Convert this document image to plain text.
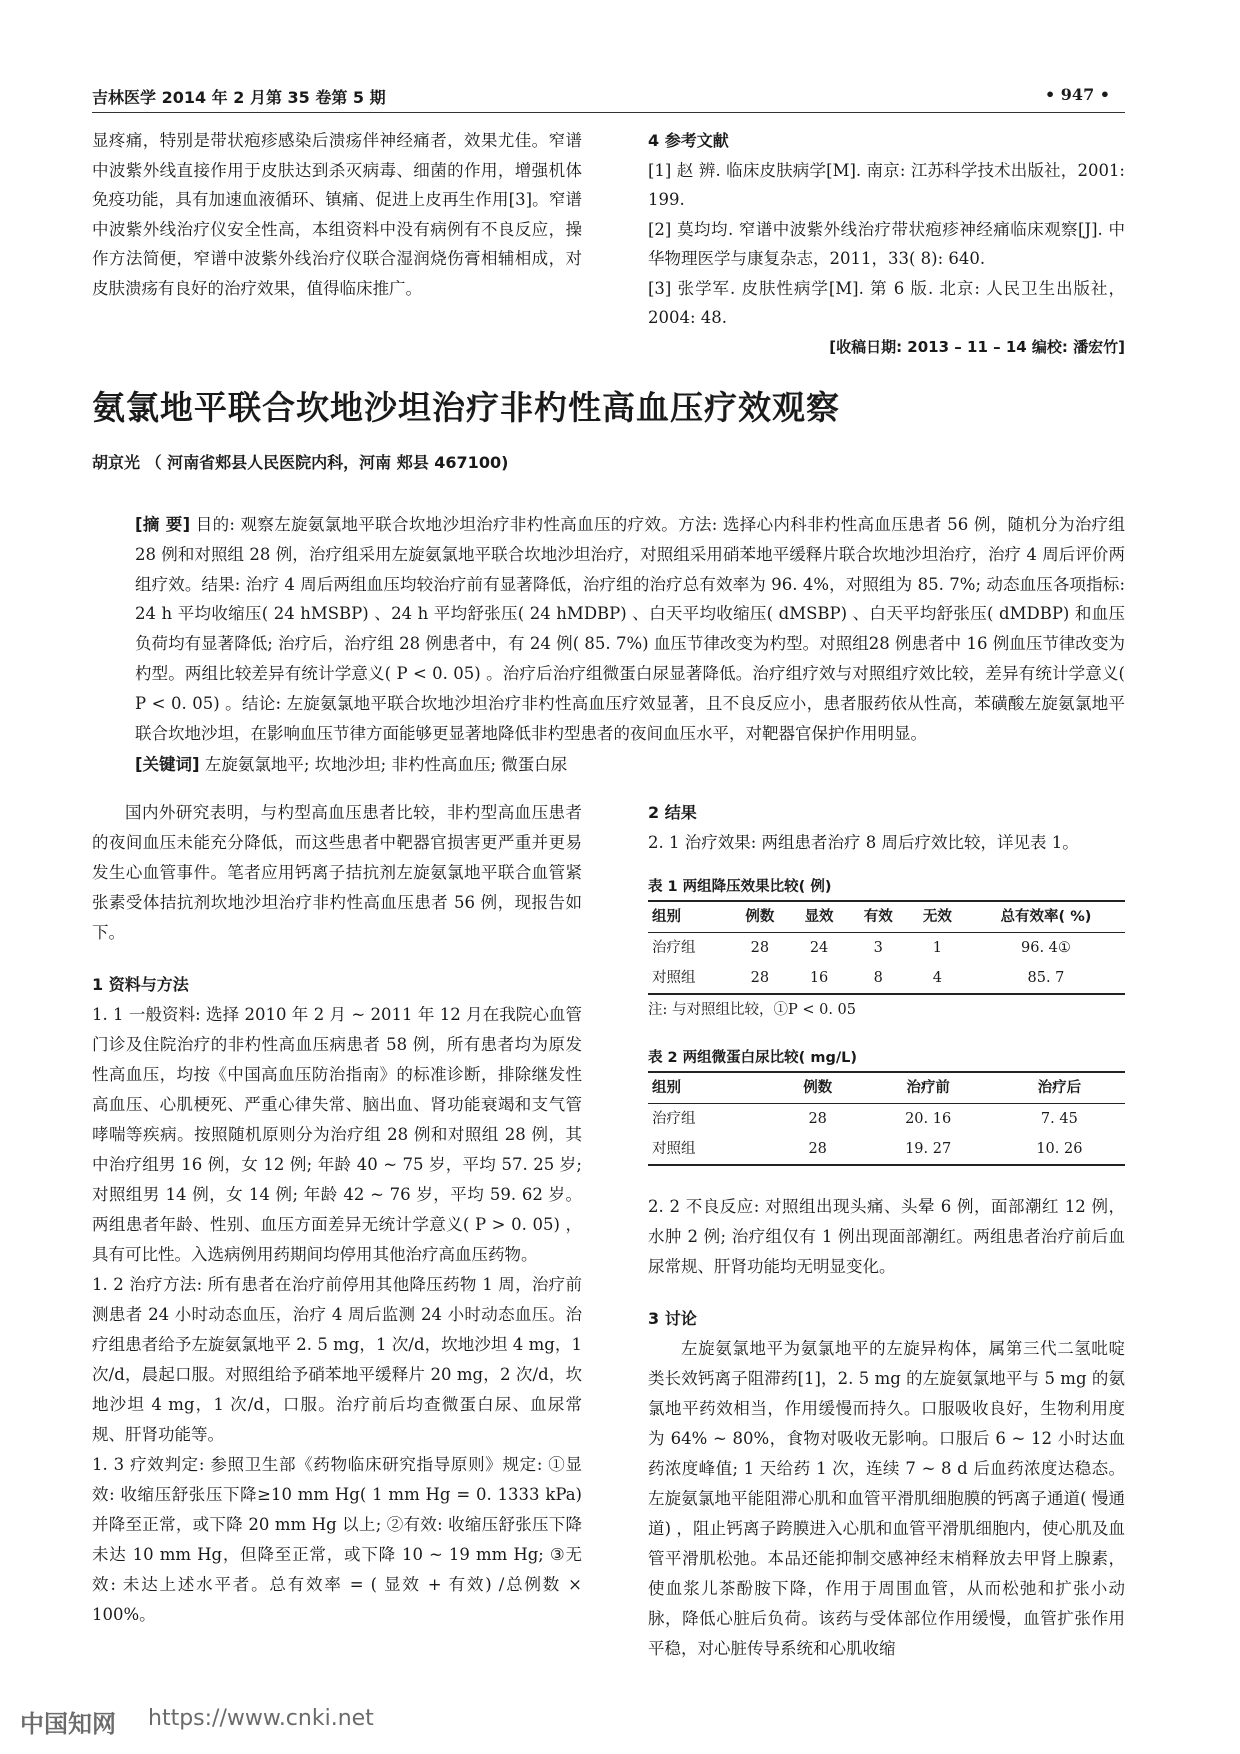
吉林医学 2014 年 2 月第 35 卷第 5 期	• 947 •

显疼痛，特别是带状疱疹感染后溃疡伴神经痛者，效果尤佳。窄谱中波紫外线直接作用于皮肤达到杀灭病毒、细菌的作用，增强机体免疫功能，具有加速血液循环、镇痛、促进上皮再生作用[3]。窄谱中波紫外线治疗仪安全性高，本组资料中没有病例有不良反应，操作方法简便，窄谱中波紫外线治疗仪联合湿润烧伤膏相辅相成，对皮肤溃疡有良好的治疗效果，值得临床推广。

4 参考文献

[1] 赵 辨. 临床皮肤病学[M]. 南京: 江苏科学技术出版社，2001: 199.

[2] 莫均均. 窄谱中波紫外线治疗带状疱疹神经痛临床观察[J]. 中华物理医学与康复杂志，2011，33( 8): 640.

[3] 张学军. 皮肤性病学[M]. 第 6 版. 北京: 人民卫生出版社，2004: 48.

[收稿日期: 2013 – 11 – 14 编校: 潘宏竹]

氨氯地平联合坎地沙坦治疗非杓性高血压疗效观察
胡京光 （ 河南省郏县人民医院内科，河南 郏县 467100)

[摘 要] 目的: 观察左旋氨氯地平联合坎地沙坦治疗非杓性高血压的疗效。方法: 选择心内科非杓性高血压患者 56 例，随机分为治疗组 28 例和对照组 28 例，治疗组采用左旋氨氯地平联合坎地沙坦治疗，对照组采用硝苯地平缓释片联合坎地沙坦治疗，治疗 4 周后评价两组疗效。结果: 治疗 4 周后两组血压均较治疗前有显著降低，治疗组的治疗总有效率为 96. 4%，对照组为 85. 7%; 动态血压各项指标: 24 h 平均收缩压( 24 hMSBP) 、24 h 平均舒张压( 24 hMDBP) 、白天平均收缩压( dMSBP) 、白天平均舒张压( dMDBP) 和血压负荷均有显著降低; 治疗后，治疗组 28 例患者中，有 24 例( 85. 7%) 血压节律改变为杓型。对照组28 例患者中 16 例血压节律改变为杓型。两组比较差异有统计学意义( P < 0. 05) 。治疗后治疗组微蛋白尿显著降低。治疗组疗效与对照组疗效比较，差异有统计学意义( P < 0. 05) 。结论: 左旋氨氯地平联合坎地沙坦治疗非杓性高血压疗效显著，且不良反应小，患者服药依从性高，苯磺酸左旋氨氯地平联合坎地沙坦，在影响血压节律方面能够更显著地降低非杓型患者的夜间血压水平，对靶器官保护作用明显。

[关键词] 左旋氨氯地平; 坎地沙坦; 非杓性高血压; 微蛋白尿

国内外研究表明，与杓型高血压患者比较，非杓型高血压患者的夜间血压未能充分降低，而这些患者中靶器官损害更严重并更易发生心血管事件。笔者应用钙离子拮抗剂左旋氨氯地平联合血管紧张素受体拮抗剂坎地沙坦治疗非杓性高血压患者 56 例，现报告如下。

1 资料与方法

1. 1 一般资料: 选择 2010 年 2 月 ~ 2011 年 12 月在我院心血管门诊及住院治疗的非杓性高血压病患者 58 例，所有患者均为原发性高血压，均按《中国高血压防治指南》的标准诊断，排除继发性高血压、心肌梗死、严重心律失常、脑出血、肾功能衰竭和支气管哮喘等疾病。按照随机原则分为治疗组 28 例和对照组 28 例，其中治疗组男 16 例，女 12 例; 年龄 40 ~ 75 岁，平均 57. 25 岁; 对照组男 14 例，女 14 例; 年龄 42 ~ 76 岁，平均 59. 62 岁。两组患者年龄、性别、血压方面差异无统计学意义( P > 0. 05) ，具有可比性。入选病例用药期间均停用其他治疗高血压药物。

1. 2 治疗方法: 所有患者在治疗前停用其他降压药物 1 周，治疗前测患者 24 小时动态血压，治疗 4 周后监测 24 小时动态血压。治疗组患者给予左旋氨氯地平 2. 5 mg，1 次/d，坎地沙坦 4 mg，1 次/d，晨起口服。对照组给予硝苯地平缓释片 20 mg，2 次/d，坎地沙坦 4 mg，1 次/d，口服。治疗前后均查微蛋白尿、血尿常规、肝肾功能等。

1. 3 疗效判定: 参照卫生部《药物临床研究指导原则》规定: ①显效: 收缩压舒张压下降≥10 mm Hg( 1 mm Hg = 0. 1333 kPa) 并降至正常，或下降 20 mm Hg 以上; ②有效: 收缩压舒张压下降未达 10 mm Hg，但降至正常，或下降 10 ~ 19 mm Hg; ③无效: 未达上述水平者。总有效率 = ( 显效 + 有效) /总例数 × 100%。

2 结果

2. 1 治疗效果: 两组患者治疗 8 周后疗效比较，详见表 1。

表 1 两组降压效果比较( 例)

组别	例数	显效	有效	无效	总有效率( %)
治疗组	28	24	3	1	96. 4①
对照组	28	16	8	4	85. 7

注: 与对照组比较，①P < 0. 05

表 2 两组微蛋白尿比较( mg/L)

组别	例数	治疗前	治疗后
治疗组	28	20. 16	7. 45
对照组	28	19. 27	10. 26

2. 2 不良反应: 对照组出现头痛、头晕 6 例，面部潮红 12 例，水肿 2 例; 治疗组仅有 1 例出现面部潮红。两组患者治疗前后血尿常规、肝肾功能均无明显变化。

3 讨论

左旋氨氯地平为氨氯地平的左旋异构体，属第三代二氢吡啶类长效钙离子阻滞药[1]，2. 5 mg 的左旋氨氯地平与 5 mg 的氨氯地平药效相当，作用缓慢而持久。口服吸收良好，生物利用度为 64% ~ 80%，食物对吸收无影响。口服后 6 ~ 12 小时达血药浓度峰值; 1 天给药 1 次，连续 7 ~ 8 d 后血药浓度达稳态。左旋氨氯地平能阻滞心肌和血管平滑肌细胞膜的钙离子通道( 慢通道) ，阻止钙离子跨膜进入心肌和血管平滑肌细胞内，使心肌及血管平滑肌松弛。本品还能抑制交感神经末梢释放去甲肾上腺素，使血浆儿茶酚胺下降，作用于周围血管，从而松弛和扩张小动脉，降低心脏后负荷。该药与受体部位作用缓慢，血管扩张作用平稳，对心脏传导系统和心肌收缩

中国知网 https://www.cnki.net
